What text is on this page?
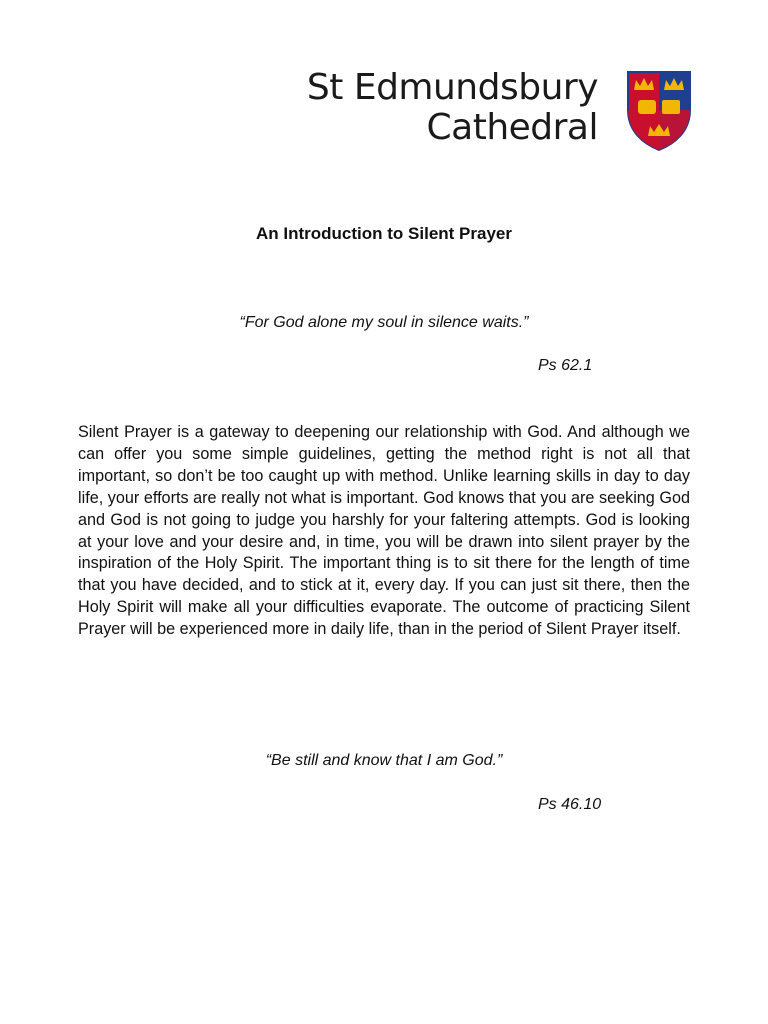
St Edmundsbury
Cathedral
An Introduction to Silent Prayer
“For God alone my soul in silence waits.”
Ps 62.1

Silent Prayer is a gateway to deepening our relationship with God. And although we can offer you some simple guidelines, getting the method right is not all that important, so don’t be too caught up with method. Unlike learning skills in day to day life, your efforts are really not what is important. God knows that you are seeking God and God is not going to judge you harshly for your faltering attempts. God is looking at your love and your desire and, in time, you will be drawn into silent prayer by the inspiration of the Holy Spirit. The important thing is to sit there for the length of time that you have decided, and to stick at it, every day. If you can just sit there, then the Holy Spirit will make all your difficulties evaporate. The outcome of practicing Silent Prayer will be experienced more in daily life, than in the period of Silent Prayer itself.

“Be still and know that I am God.”
Ps 46.10
